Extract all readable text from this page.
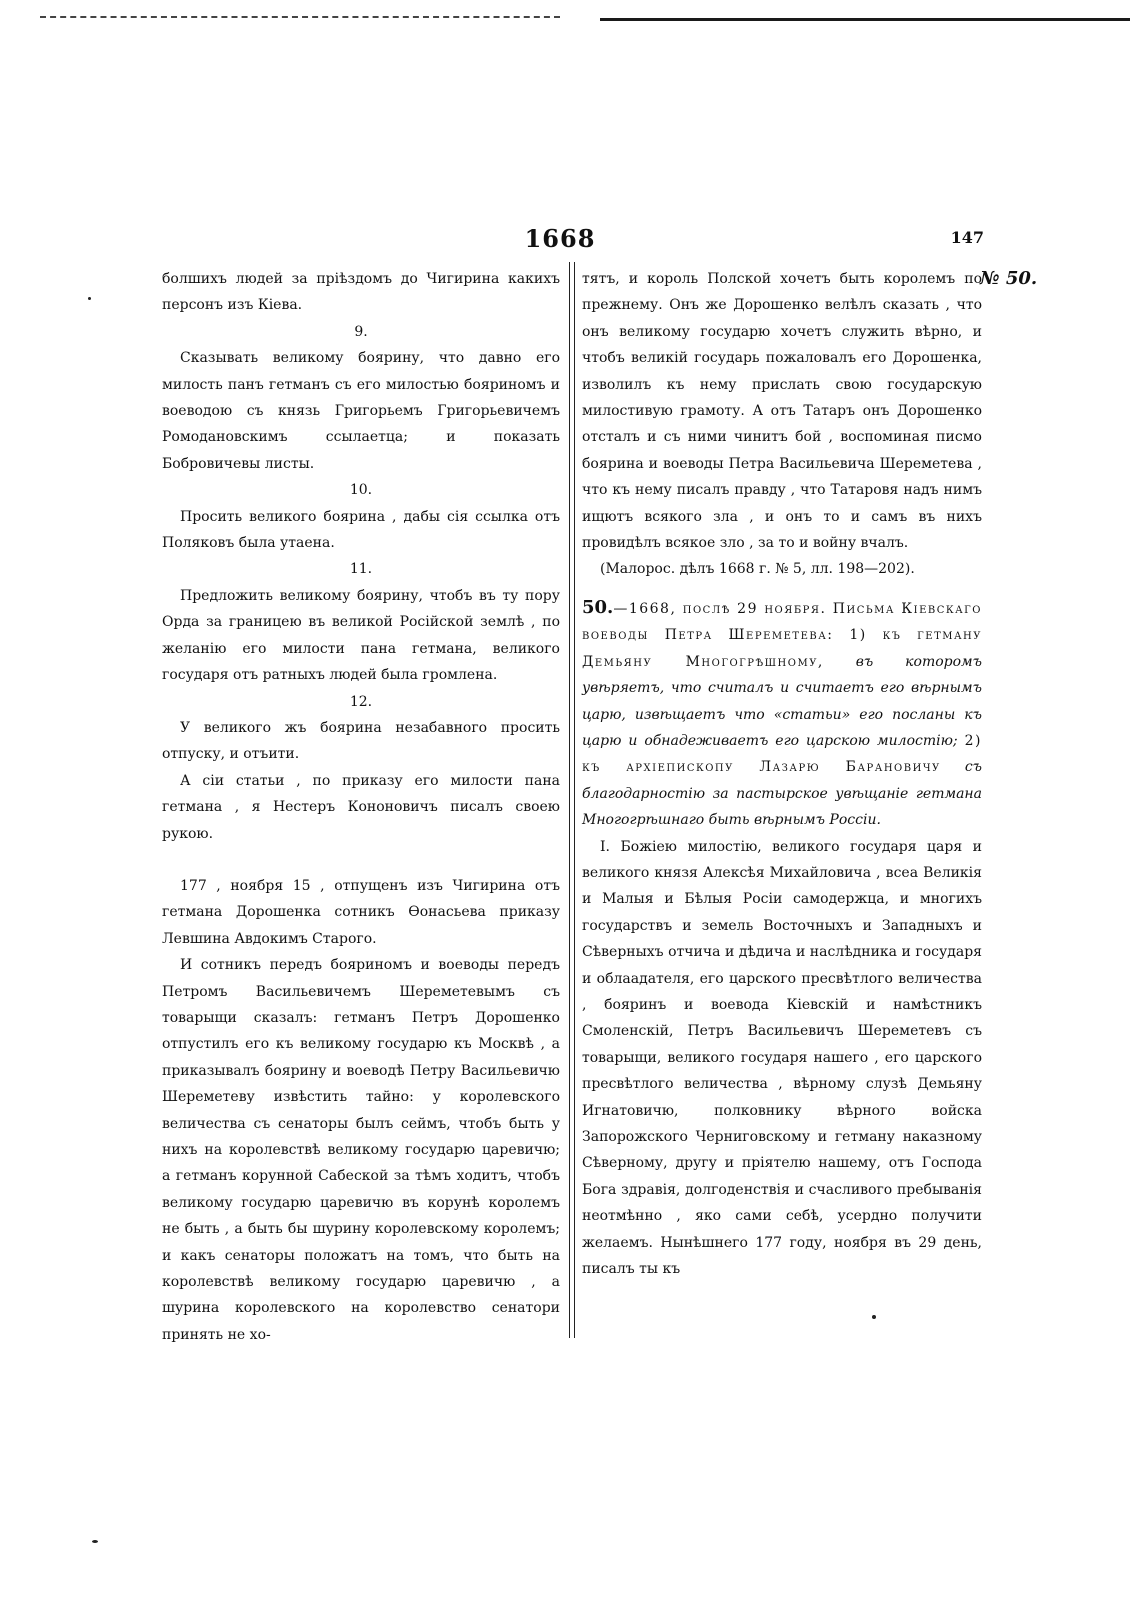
1668	147
№ 50.

болшихъ людей за пріѣздомъ до Чигирина какихъ персонъ изъ Кіева.

9.

Сказывать великому боярину, что давно его милость панъ гетманъ съ его милостью бояриномъ и воеводою съ князь Григорьемъ Григорьевичемъ Ромодановскимъ ссылаетца; и показать Бобровичевы листы.

10.

Просить великого боярина , дабы сія ссылка отъ Поляковъ была утаена.

11.

Предложить великому боярину, чтобъ въ ту пору Орда за границею въ великой Російской землѣ , по желанію его милости пана гетмана, великого государя отъ ратныхъ людей была громлена.

12.

У великого жъ боярина незабавного просить отпуску, и отъити.

А сіи статьи , по приказу его милости пана гетмана , я Нестеръ Кононовичъ писалъ своею рукою.

177 , ноября 15 , отпущенъ изъ Чигирина отъ гетмана Дорошенка сотникъ Өонасьева приказу Левшина Авдокимъ Старого.

И сотникъ передъ бояриномъ и воеводы передъ Петромъ Васильевичемъ Шереметевымъ съ товарыщи сказалъ: гетманъ Петръ Дорошенко отпустилъ его къ великому государю къ Москвѣ , а приказывалъ боярину и воеводѣ Петру Васильевичю Шереметеву извѣстить тайно: у королевского величества съ сенаторы былъ сеймъ, чтобъ быть у нихъ на королевствѣ великому государю царевичю; а гетманъ корунной Сабеской за тѣмъ ходитъ, чтобъ великому государю царевичю въ корунѣ королемъ не быть , а быть бы шурину королевскому королемъ; и какъ сенаторы положатъ на томъ, что быть на королевствѣ великому государю царевичю , а шурина королевского на королевство сенатори принять не хо-

тятъ, и король Полской хочетъ быть королемъ по прежнему. Онъ же Дорошенко велѣлъ сказать , что онъ великому государю хочетъ служить вѣрно, и чтобъ великій государь пожаловалъ его Дорошенка, изволилъ къ нему прислать свою государскую милостивую грамоту. А отъ Татаръ онъ Дорошенко отсталъ и съ ними чинитъ бой , воспоминая писмо боярина и воеводы Петра Васильевича Шереметева , что къ нему писалъ правду , что Татаровя надъ нимъ ищютъ всякого зла , и онъ то и самъ въ нихъ провидѣлъ всякое зло , за то и войну вчалъ.

(Малорос. дѣлъ 1668 г. № 5, лл. 198—202).

50.—1668, послѣ 29 ноября. Письма Кіевскаго воеводы Петра Шереметева: 1) къ гетману Демьяну Многогрѣшному, въ которомъ увѣряетъ, что считалъ и считаетъ его вѣрнымъ царю, извѣщаетъ что «статьи» его посланы къ царю и обнадеживаетъ его царскою милостію; 2) къ архіепископу Лазарю Барановичу съ благодарностію за пастырское увѣщаніе гетмана Многогрѣшнаго быть вѣрнымъ Россіи.

I. Божіею милостію, великого государя царя и великого князя Алексѣя Михайловича , всеа Великія и Малыя и Бѣлыя Росіи самодержца, и многихъ государствъ и земель Восточныхъ и Западныхъ и Сѣверныхъ отчича и дѣдича и наслѣдника и государя и облаадателя, его царского пресвѣтлого величества , бояринъ и воевода Кіевскій и намѣстникъ Смоленскій, Петръ Васильевичъ Шереметевъ съ товарыщи, великого государя нашего , его царского пресвѣтлого величества , вѣрному слузѣ Демьяну Игнатовичю, полковнику вѣрного войска Запорожского Черниговскому и гетману наказному Сѣверному, другу и пріятелю нашему, отъ Господа Бога здравія, долгоденствія и счасливого пребыванія неотмѣнно , яко сами себѣ, усердно получити желаемъ. Нынѣшнего 177 году, ноября въ 29 день, писалъ ты къ
